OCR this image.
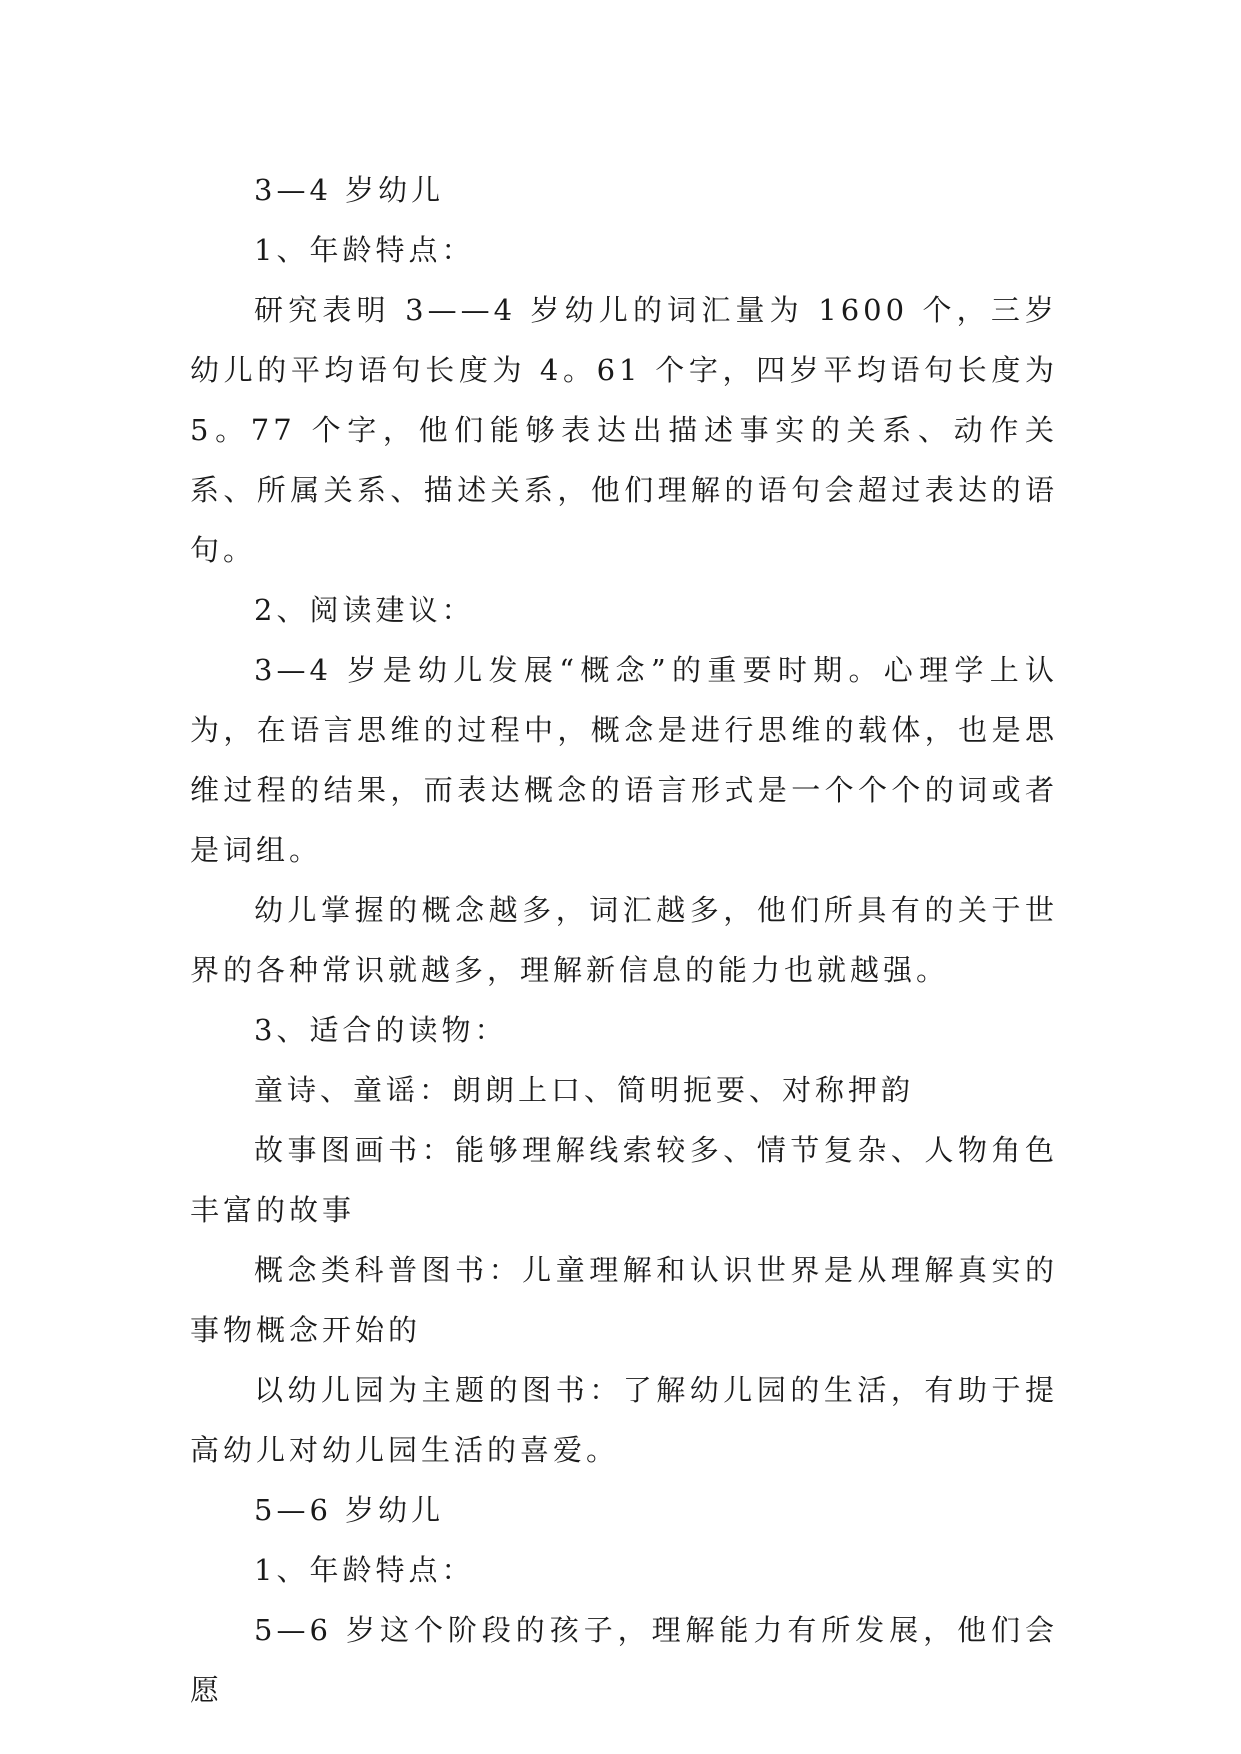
3—4 岁幼儿

1、年龄特点：

研究表明 3——4 岁幼儿的词汇量为 1600 个，三岁幼儿的平均语句长度为 4。61 个字，四岁平均语句长度为 5。77 个字，他们能够表达出描述事实的关系、动作关系、所属关系、描述关系，他们理解的语句会超过表达的语句。

2、阅读建议：

3—4 岁是幼儿发展“概念”的重要时期。心理学上认为，在语言思维的过程中，概念是进行思维的载体，也是思维过程的结果，而表达概念的语言形式是一个个个的词或者是词组。

幼儿掌握的概念越多，词汇越多，他们所具有的关于世界的各种常识就越多，理解新信息的能力也就越强。

3、适合的读物：

童诗、童谣：朗朗上口、简明扼要、对称押韵

故事图画书：能够理解线索较多、情节复杂、人物角色丰富的故事

概念类科普图书：儿童理解和认识世界是从理解真实的事物概念开始的

以幼儿园为主题的图书：了解幼儿园的生活，有助于提高幼儿对幼儿园生活的喜爱。

5—6 岁幼儿

1、年龄特点：

5—6 岁这个阶段的孩子，理解能力有所发展，他们会愿
